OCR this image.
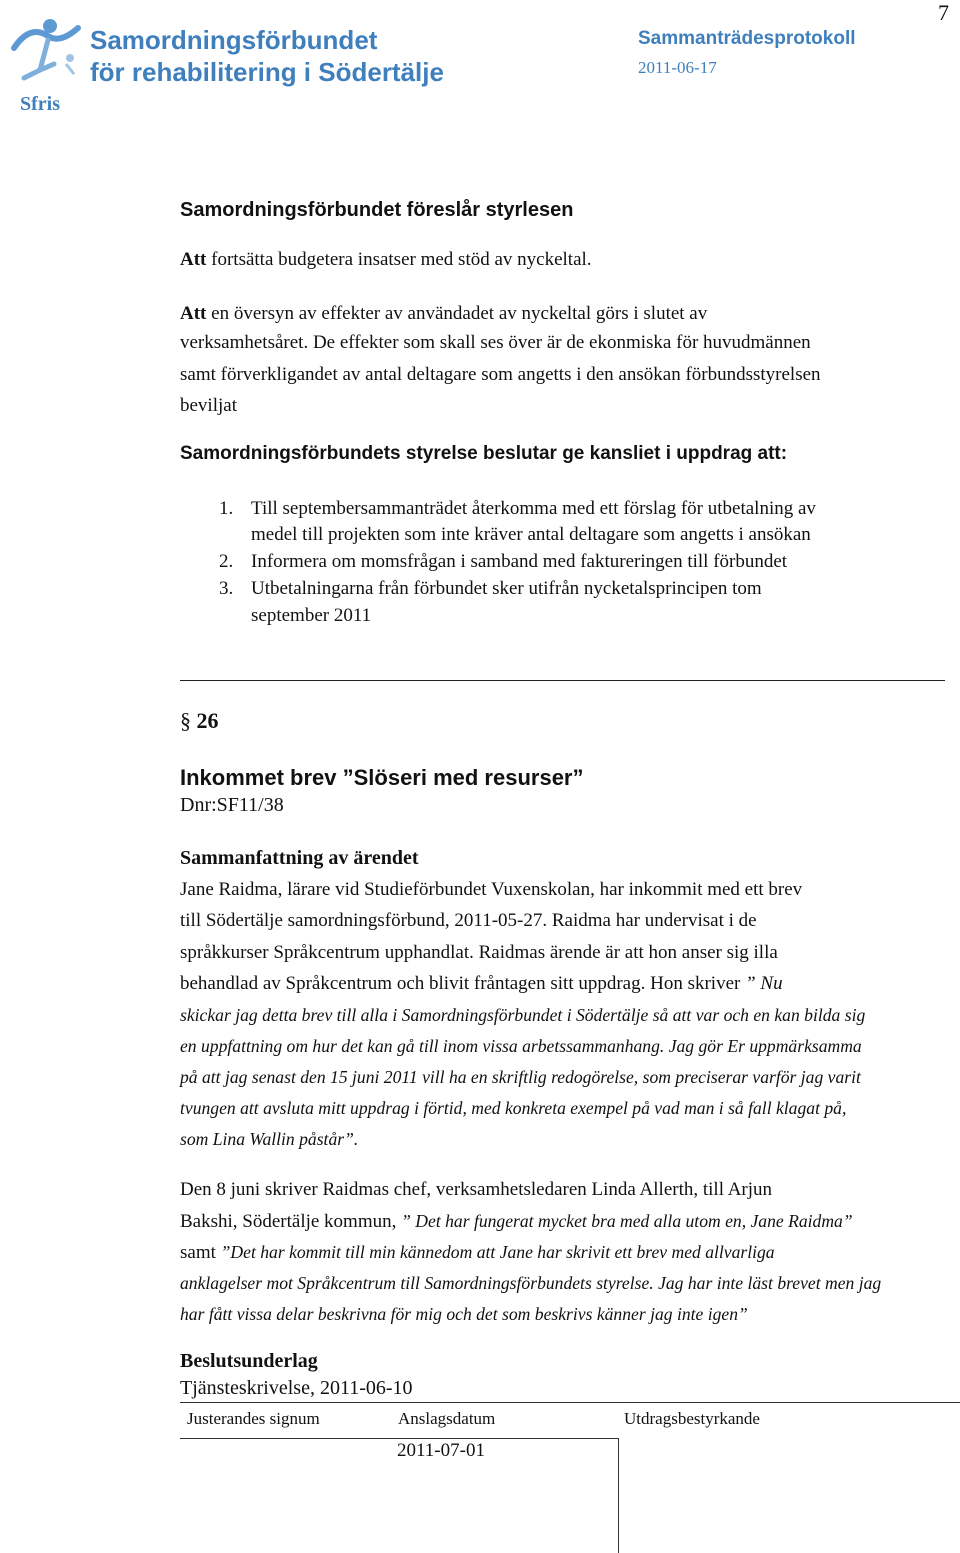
Sfris
Samordningsförbundet
för rehabilitering i Södertälje
Sammanträdesprotokoll
2011-06-17
7
Samordningsförbundet föreslår styrlesen
Att fortsätta budgetera insatser med stöd av nyckeltal.
Att en översyn av effekter av användadet av nyckeltal görs i slutet av
verksamhetsåret. De effekter som skall ses över är de ekonmiska för huvudmännen
samt förverkligandet av antal deltagare som angetts i den ansökan förbundsstyrelsen
beviljat
Samordningsförbundets styrelse beslutar ge kansliet i uppdrag att:
1. Till septembersammanträdet återkomma med ett förslag för utbetalning av
medel till projekten som inte kräver antal deltagare som angetts i ansökan
2. Informera om momsfrågan i samband med faktureringen till förbundet
3. Utbetalningarna från förbundet sker utifrån nycketalsprincipen tom
september 2011
§ 26
Inkommet brev ”Slöseri med resurser”
Dnr:SF11/38
Sammanfattning av ärendet
Jane Raidma, lärare vid Studieförbundet Vuxenskolan, har inkommit med ett brev
till Södertälje samordningsförbund, 2011-05-27. Raidma har undervisat i de
språkkurser Språkcentrum upphandlat. Raidmas ärende är att hon anser sig illa
behandlad av Språkcentrum och blivit fråntagen sitt uppdrag. Hon skriver ” Nu
skickar jag detta brev till alla i Samordningsförbundet i Södertälje så att var och en kan bilda sig
en uppfattning om hur det kan gå till inom vissa arbetssammanhang. Jag gör Er uppmärksamma
på att jag senast den 15 juni 2011 vill ha en skriftlig redogörelse, som preciserar varför jag varit
tvungen att avsluta mitt uppdrag i förtid, med konkreta exempel på vad man i så fall klagat på,
som Lina Wallin påstår”.
Den 8 juni skriver Raidmas chef, verksamhetsledaren Linda Allerth, till Arjun
Bakshi, Södertälje kommun, ” Det har fungerat mycket bra med alla utom en, Jane Raidma”
samt ”Det har kommit till min kännedom att Jane har skrivit ett brev med allvarliga
anklagelser mot Språkcentrum till Samordningsförbundets styrelse. Jag har inte läst brevet men jag
har fått vissa delar beskrivna för mig och det som beskrivs känner jag inte igen”
Beslutsunderlag
Tjänsteskrivelse, 2011-06-10
Justerandes signum	Anslagsdatum	Utdragsbestyrkande
2011-07-01
